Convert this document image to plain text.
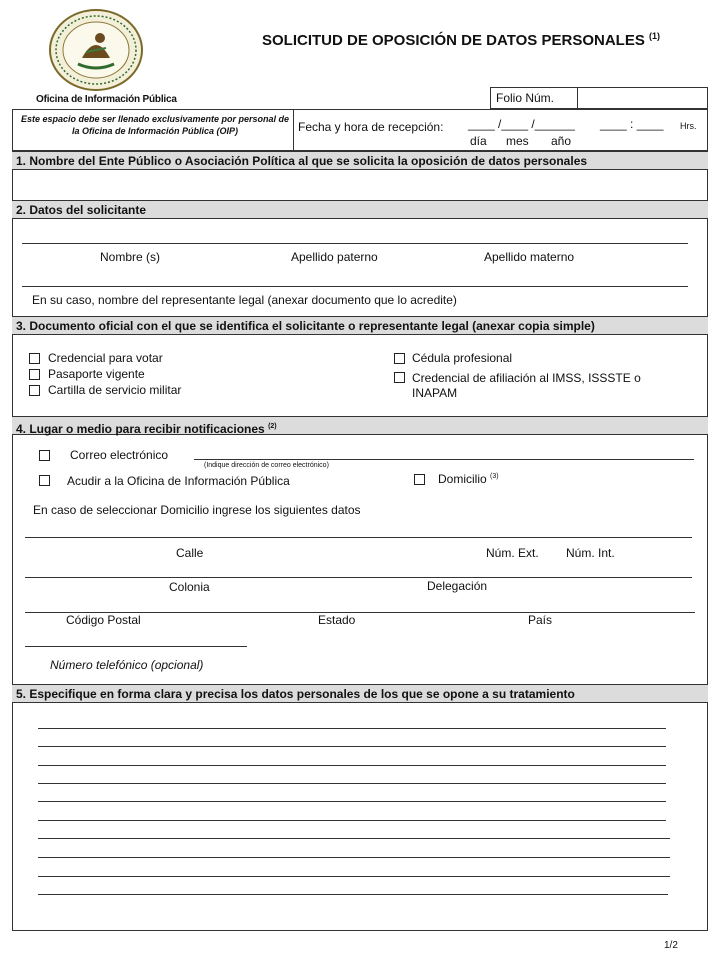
Oficina de Información Pública
SOLICITUD DE OPOSICIÓN DE DATOS PERSONALES $^{(1)}$
Folio Núm.
Este espacio debe ser llenado exclusivamente por personal de la Oficina de Información Pública (OIP)	Fecha y hora de recepción: ____ /____ /______ ____ : ____ Hrs.
día mes año
1. Nombre del Ente Público o Asociación Política al que se solicita la oposición de datos personales
2. Datos del solicitante
Nombre (s)	Apellido paterno	Apellido materno
En su caso, nombre del representante legal (anexar documento que lo acredite)
3. Documento oficial con el que se identifica el solicitante o representante legal (anexar copia simple)
Credencial para votar
Pasaporte vigente
Cartilla de servicio militar
Cédula profesional
Credencial de afiliación al IMSS, ISSSTE o
INAPAM
4. Lugar o medio para recibir notificaciones $^{(2)}$
Correo electrónico
(Indique dirección de correo electrónico)
Acudir a la Oficina de Información Pública	Domicilio $^{(3)}$
En caso de seleccionar Domicilio ingrese los siguientes datos
Calle	Núm. Ext. Núm. Int.
Colonia	Delegación
Código Postal	Estado	País
Número telefónico (opcional)
5. Especifique en forma clara y precisa los datos personales de los que se opone a su tratamiento
1/2
